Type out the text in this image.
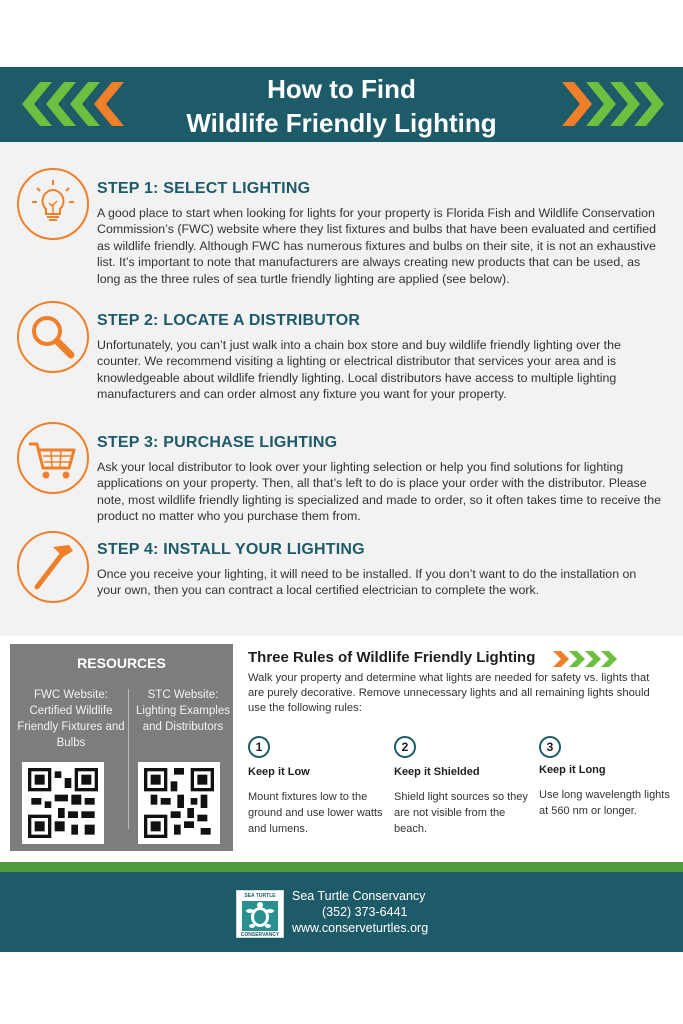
How to Find
Wildlife Friendly Lighting
STEP 1: SELECT LIGHTING
A good place to start when looking for lights for your property is Florida Fish and Wildlife Conservation Commission’s (FWC) website where they list fixtures and bulbs that have been evaluated and certified as wildlife friendly. Although FWC has numerous fixtures and bulbs on their site, it is not an exhaustive list. It’s important to note that manufacturers are always creating new products that can be used, as long as the three rules of sea turtle friendly lighting are applied (see below).
STEP 2: LOCATE A DISTRIBUTOR
Unfortunately, you can’t just walk into a chain box store and buy wildlife friendly lighting over the counter. We recommend visiting a lighting or electrical distributor that services your area and is knowledgeable about wildlife friendly lighting. Local distributors have access to multiple lighting manufacturers and can order almost any fixture you want for your property.
STEP 3: PURCHASE LIGHTING
Ask your local distributor to look over your lighting selection or help you find solutions for lighting applications on your property. Then, all that’s left to do is place your order with the distributor. Please note, most wildlife friendly lighting is specialized and made to order, so it often takes time to receive the product no matter who you purchase them from.
STEP 4: INSTALL YOUR LIGHTING
Once you receive your lighting, it will need to be installed. If you don’t want to do the installation on your own, then you can contract a local certified electrician to complete the work.
RESOURCES
FWC Website: Certified Wildlife Friendly Fixtures and Bulbs
STC Website: Lighting Examples and Distributors
Three Rules of Wildlife Friendly Lighting
Walk your property and determine what lights are needed for safety vs. lights that are purely decorative. Remove unnecessary lights and all remaining lights should use the following rules:
1
Keep it Low
Mount fixtures low to the ground and use lower watts and lumens.
2
Keep it Shielded
Shield light sources so they are not visible from the beach.
3
Keep it Long
Use long wavelength lights at 560 nm or longer.
SEA TURTLE
CONSERVANCY
Sea Turtle Conservancy
(352) 373-6441
www.conserveturtles.org
